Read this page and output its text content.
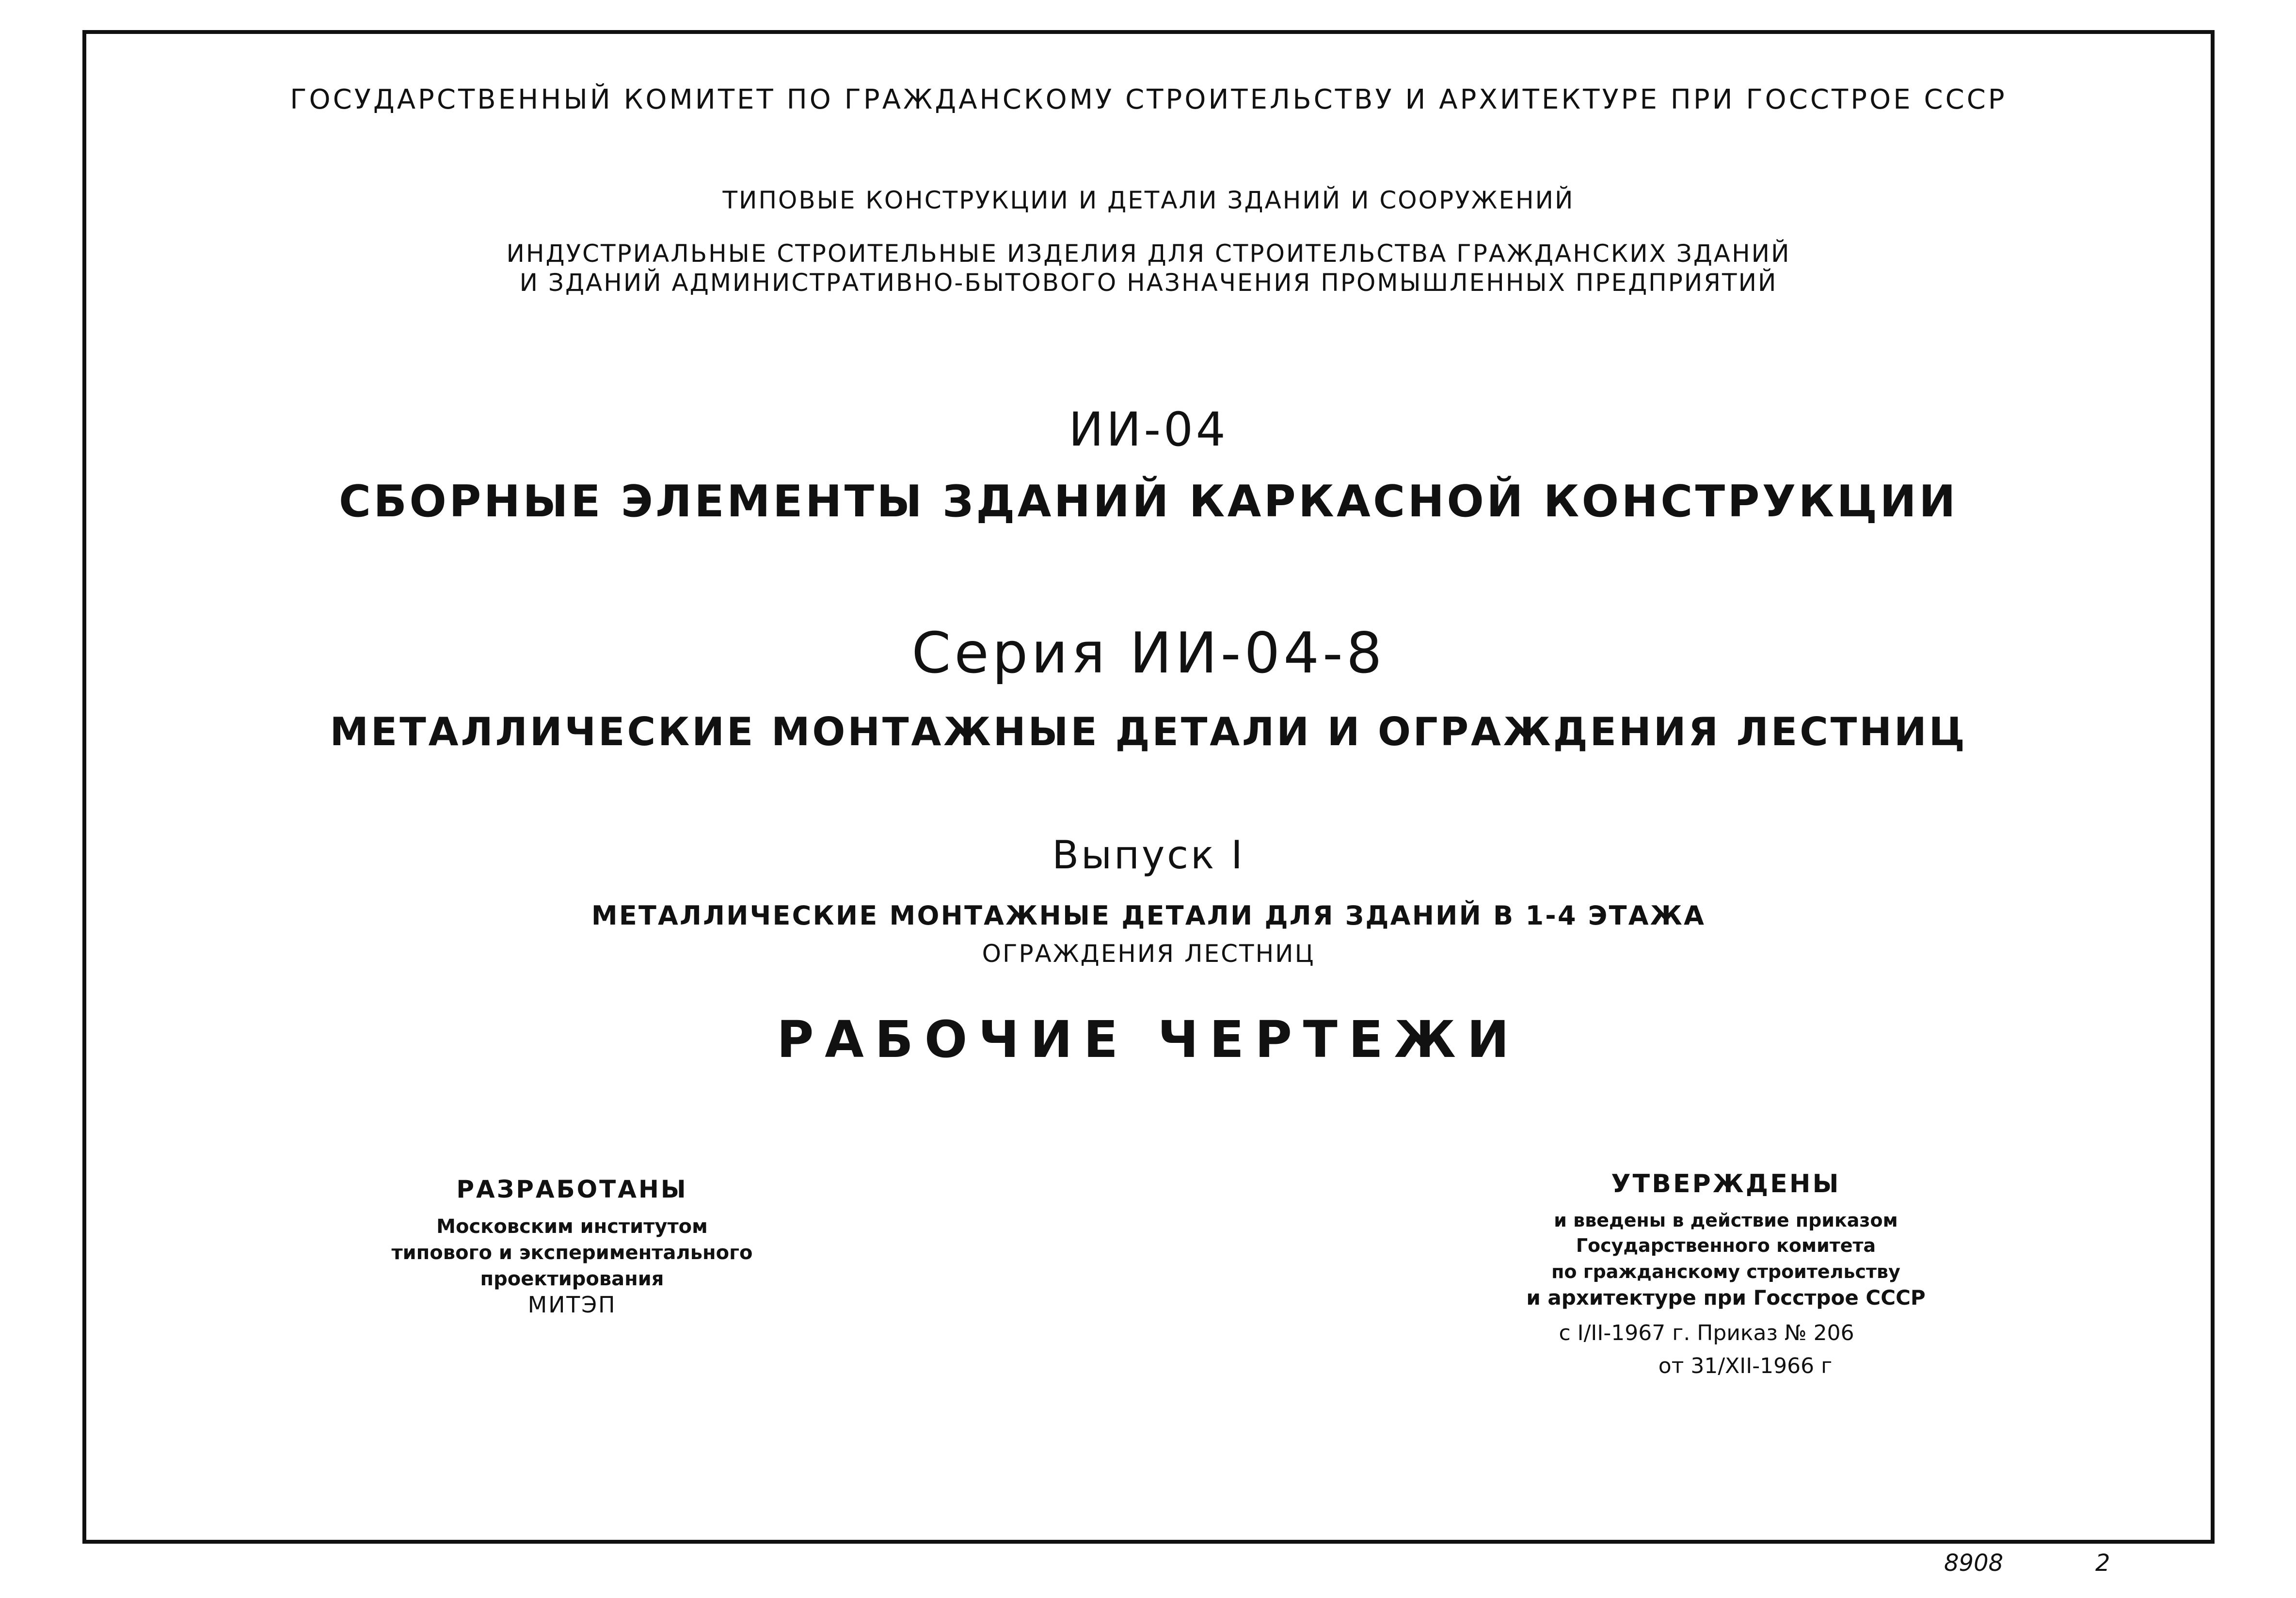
ГОСУДАРСТВЕННЫЙ КОМИТЕТ ПО ГРАЖДАНСКОМУ СТРОИТЕЛЬСТВУ И АРХИТЕКТУРЕ ПРИ ГОССТРОЕ СССР
ТИПОВЫЕ КОНСТРУКЦИИ И ДЕТАЛИ ЗДАНИЙ И СООРУЖЕНИЙ
ИНДУСТРИАЛЬНЫЕ СТРОИТЕЛЬНЫЕ ИЗДЕЛИЯ ДЛЯ СТРОИТЕЛЬСТВА ГРАЖДАНСКИХ ЗДАНИЙ
И ЗДАНИЙ АДМИНИСТРАТИВНО-БЫТОВОГО НАЗНАЧЕНИЯ ПРОМЫШЛЕННЫХ ПРЕДПРИЯТИЙ
ИИ-04
СБОРНЫЕ ЭЛЕМЕНТЫ ЗДАНИЙ КАРКАСНОЙ КОНСТРУКЦИИ
Серия ИИ-04-8
МЕТАЛЛИЧЕСКИЕ МОНТАЖНЫЕ ДЕТАЛИ И ОГРАЖДЕНИЯ ЛЕСТНИЦ
Выпуск I
МЕТАЛЛИЧЕСКИЕ МОНТАЖНЫЕ ДЕТАЛИ ДЛЯ ЗДАНИЙ В 1-4 ЭТАЖА
ОГРАЖДЕНИЯ ЛЕСТНИЦ
РАБОЧИЕ ЧЕРТЕЖИ
РАЗРАБОТАНЫ
Московским институтом
типового и экспериментального
проектирования
МИТЭП
УТВЕРЖДЕНЫ
и введены в действие приказом
Государственного комитета
по гражданскому строительству
и архитектуре при Госстрое СССР
с I/II-1967 г. Приказ № 206
от 31/XII-1966 г
8908	2
